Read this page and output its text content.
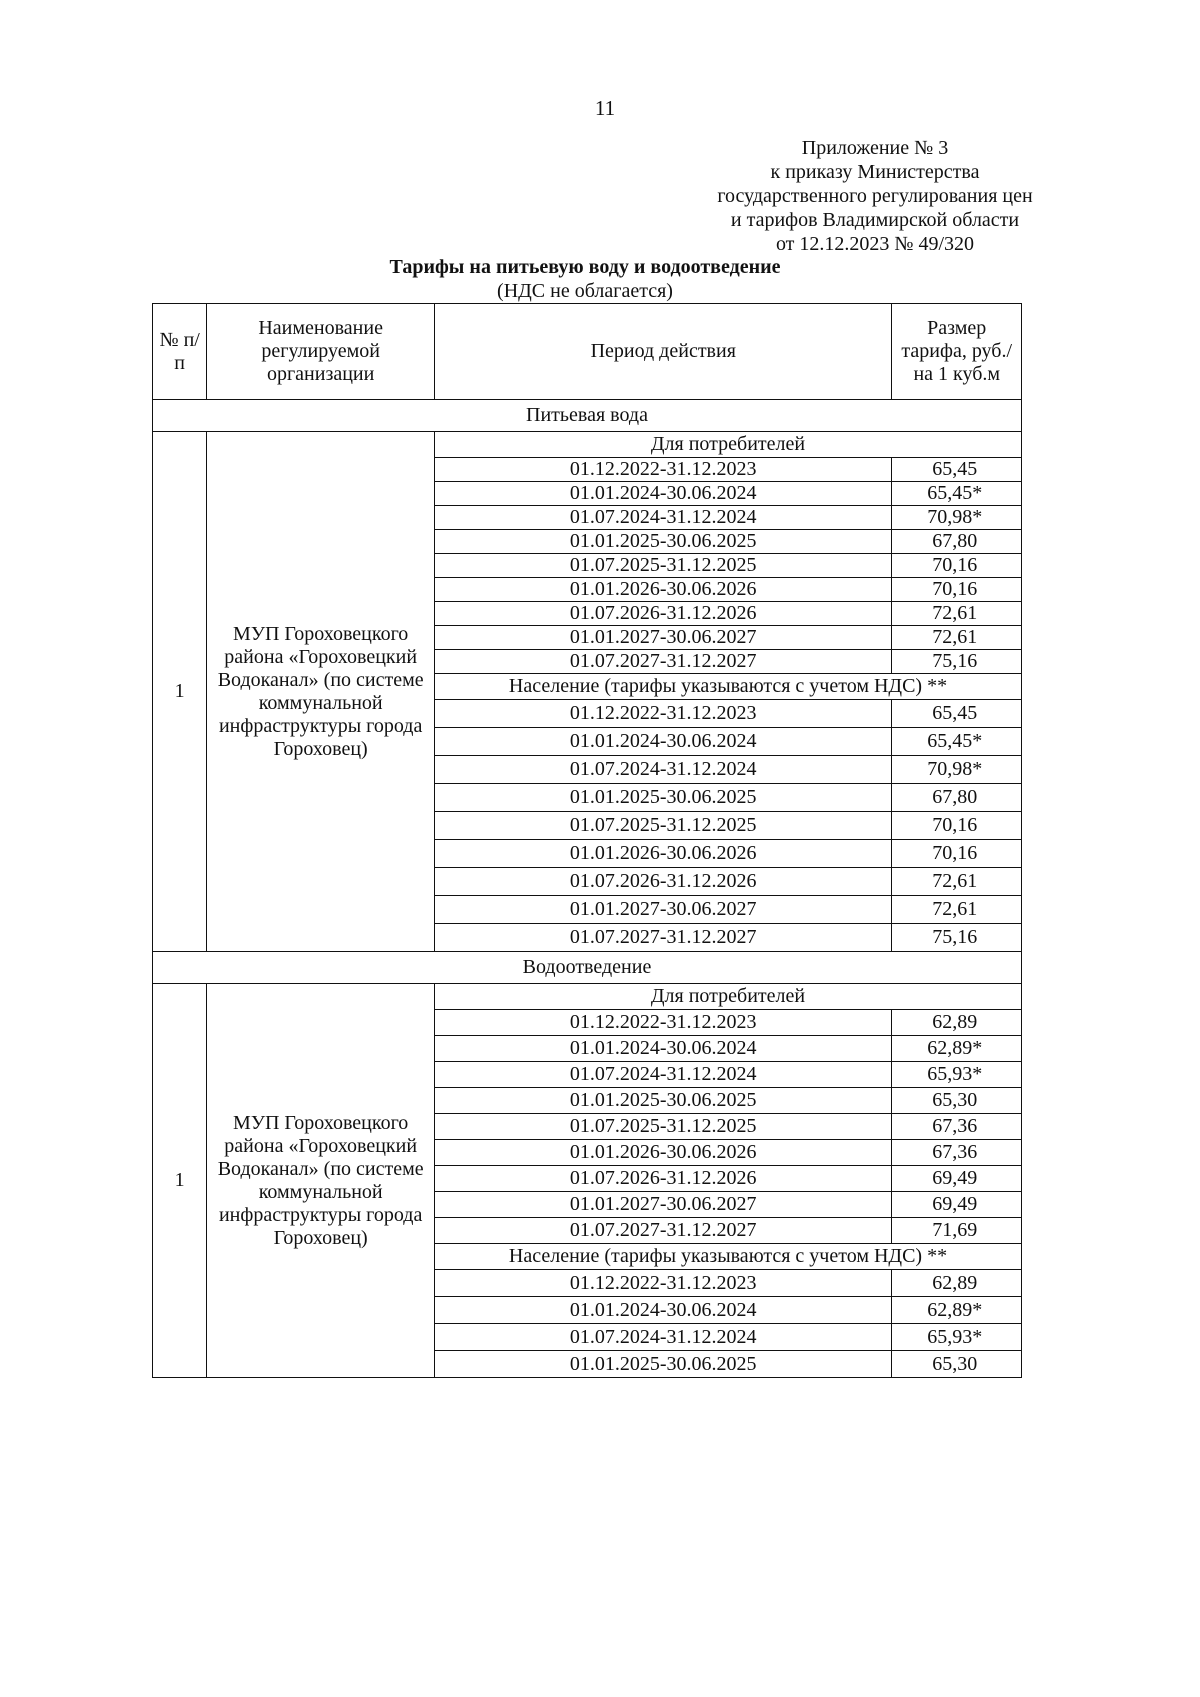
11
Приложение № 3
к приказу Министерства
государственного регулирования цен
и тарифов Владимирской области
от 12.12.2023 № 49/320
Тарифы на питьевую воду и водоотведение
(НДС не облагается)
№ п/п	Наименование регулируемой организации	Период действия	Размер тарифа, руб./на 1 куб.м
Питьевая вода			
1	МУП Гороховецкого района «Гороховецкий Водоканал» (по системе коммунальной инфраструктуры города Гороховец)	Для потребителей	
		01.12.2022-31.12.2023	65,45
		01.01.2024-30.06.2024	65,45*
		01.07.2024-31.12.2024	70,98*
		01.01.2025-30.06.2025	67,80
		01.07.2025-31.12.2025	70,16
		01.01.2026-30.06.2026	70,16
		01.07.2026-31.12.2026	72,61
		01.01.2027-30.06.2027	72,61
		01.07.2027-31.12.2027	75,16
		Население (тарифы указываются с учетом НДС) **	
		01.12.2022-31.12.2023	65,45
		01.01.2024-30.06.2024	65,45*
		01.07.2024-31.12.2024	70,98*
		01.01.2025-30.06.2025	67,80
		01.07.2025-31.12.2025	70,16
		01.01.2026-30.06.2026	70,16
		01.07.2026-31.12.2026	72,61
		01.01.2027-30.06.2027	72,61
		01.07.2027-31.12.2027	75,16
Водоотведение			
1	МУП Гороховецкого района «Гороховецкий Водоканал» (по системе коммунальной инфраструктуры города Гороховец)	Для потребителей	
		01.12.2022-31.12.2023	62,89
		01.01.2024-30.06.2024	62,89*
		01.07.2024-31.12.2024	65,93*
		01.01.2025-30.06.2025	65,30
		01.07.2025-31.12.2025	67,36
		01.01.2026-30.06.2026	67,36
		01.07.2026-31.12.2026	69,49
		01.01.2027-30.06.2027	69,49
		01.07.2027-31.12.2027	71,69
		Население (тарифы указываются с учетом НДС) **	
		01.12.2022-31.12.2023	62,89
		01.01.2024-30.06.2024	62,89*
		01.07.2024-31.12.2024	65,93*
		01.01.2025-30.06.2025	65,30
